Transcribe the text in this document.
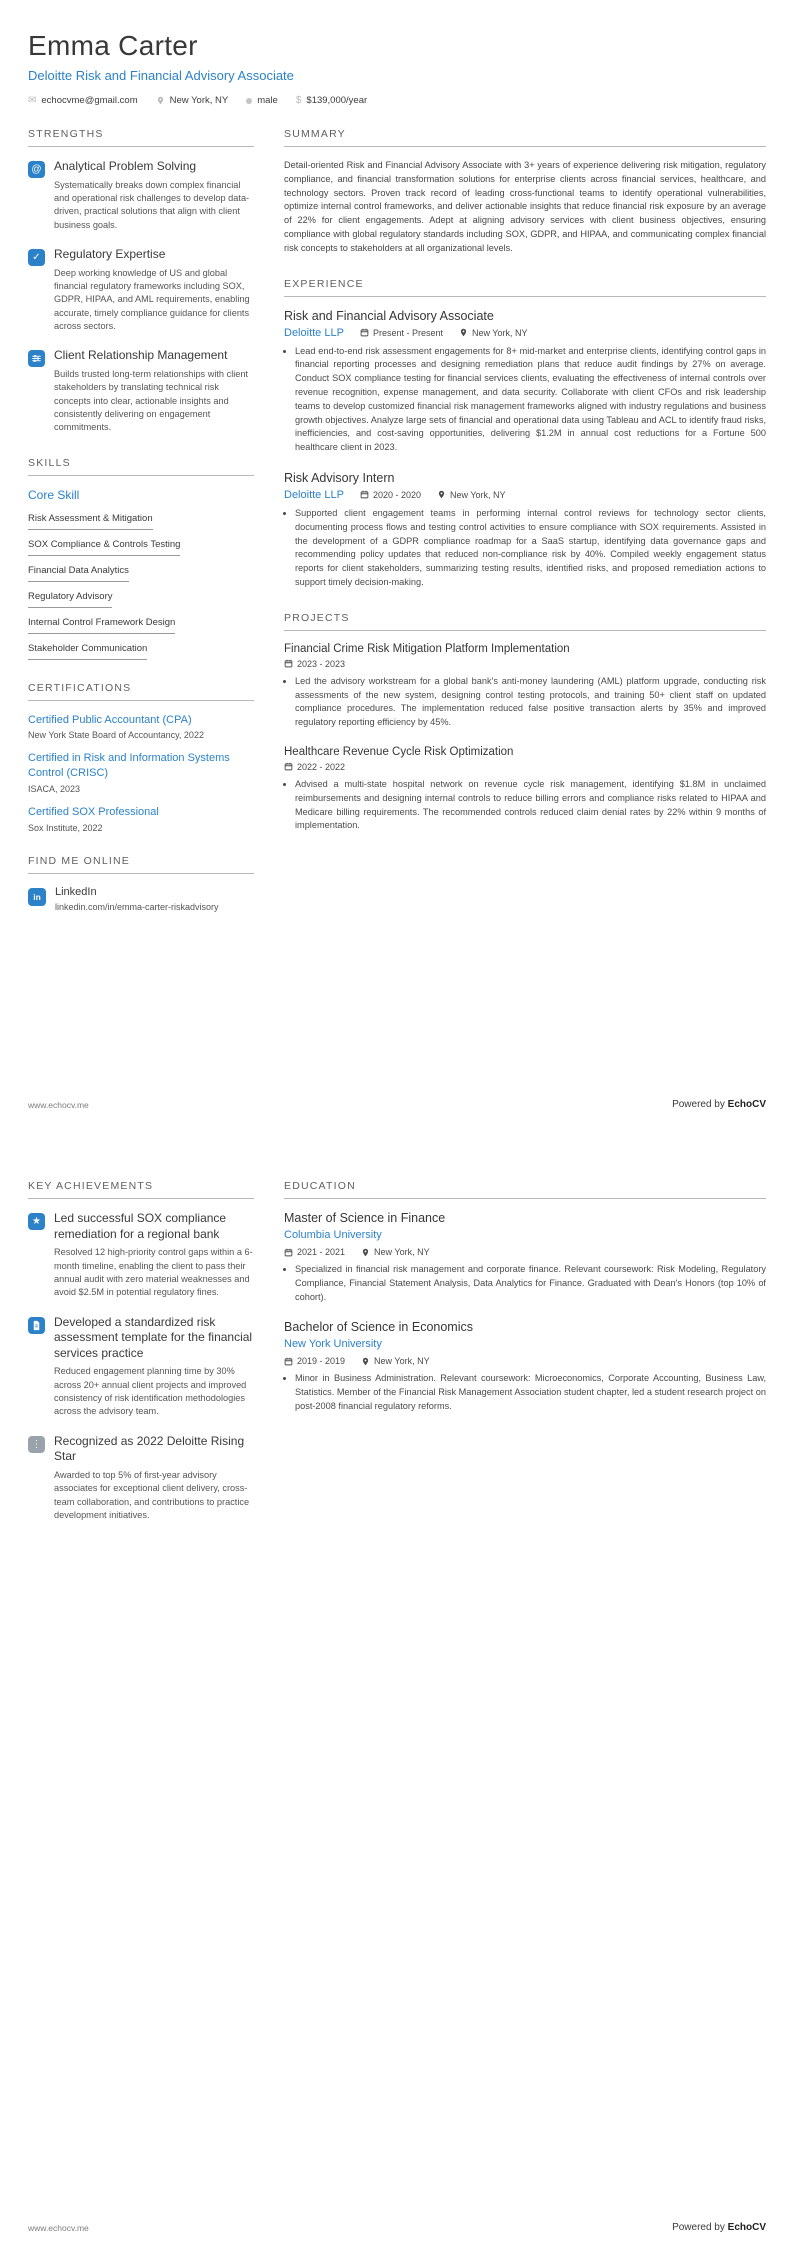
Emma Carter
Deloitte Risk and Financial Advisory Associate
✉ echocvme@gmail.com	New York, NY	male $ $139,000/year
STRENGTHS
@ Analytical Problem Solving
Systematically breaks down complex financial and operational risk challenges to develop data-driven, practical solutions that align with client business goals.
✓	Regulatory Expertise
Deep working knowledge of US and global financial regulatory frameworks including SOX, GDPR, HIPAA, and AML requirements, enabling accurate, timely compliance guidance for clients across sectors.
Client Relationship Management
Builds trusted long-term relationships with client stakeholders by translating technical risk concepts into clear, actionable insights and consistently delivering on engagement commitments.
SKILLS
Core Skill
Risk Assessment & Mitigation
SOX Compliance & Controls Testing
Financial Data Analytics
Regulatory Advisory
Internal Control Framework Design
Stakeholder Communication
CERTIFICATIONS
Certified Public Accountant (CPA)
New York State Board of Accountancy, 2022
Certified in Risk and Information Systems Control (CRISC)
ISACA, 2023
Certified SOX Professional
Sox Institute, 2022
FIND ME ONLINE
in	LinkedIn
linkedin.com/in/emma-carter-riskadvisory
SUMMARY
Detail-oriented Risk and Financial Advisory Associate with 3+ years of experience delivering risk mitigation, regulatory compliance, and financial transformation solutions for enterprise clients across financial services, healthcare, and technology sectors. Proven track record of leading cross-functional teams to identify operational vulnerabilities, optimize internal control frameworks, and deliver actionable insights that reduce financial risk exposure by an average of 22% for client engagements. Adept at aligning advisory services with client business objectives, ensuring compliance with global regulatory standards including SOX, GDPR, and HIPAA, and communicating complex financial risk concepts to stakeholders at all organizational levels.
EXPERIENCE
Risk and Financial Advisory Associate
Deloitte LLP	Present - Present	New York, NY
• Lead end-to-end risk assessment engagements for 8+ mid-market and enterprise clients, identifying control gaps in financial reporting processes and designing remediation plans that reduce audit findings by 27% on average. Conduct SOX compliance testing for financial services clients, evaluating the effectiveness of internal controls over revenue recognition, expense management, and data security. Collaborate with client CFOs and risk leadership teams to develop customized financial risk management frameworks aligned with industry regulations and business growth objectives. Analyze large sets of financial and operational data using Tableau and ACL to identify fraud risks, inefficiencies, and cost-saving opportunities, delivering $1.2M in annual cost reductions for a Fortune 500 healthcare client in 2023.
Risk Advisory Intern
Deloitte LLP	2020 - 2020	New York, NY
• Supported client engagement teams in performing internal control reviews for technology sector clients, documenting process flows and testing control activities to ensure compliance with SOX requirements. Assisted in the development of a GDPR compliance roadmap for a SaaS startup, identifying data governance gaps and recommending policy updates that reduced non-compliance risk by 40%. Compiled weekly engagement status reports for client stakeholders, summarizing testing results, identified risks, and proposed remediation actions to support timely decision-making.
PROJECTS
Financial Crime Risk Mitigation Platform Implementation
2023 - 2023
• Led the advisory workstream for a global bank's anti-money laundering (AML) platform upgrade, conducting risk assessments of the new system, designing control testing protocols, and training 50+ client staff on updated compliance procedures. The implementation reduced false positive transaction alerts by 35% and improved regulatory reporting efficiency by 45%.
Healthcare Revenue Cycle Risk Optimization
2022 - 2022
• Advised a multi-state hospital network on revenue cycle risk management, identifying $1.8M in unclaimed reimbursements and designing internal controls to reduce billing errors and compliance risks related to HIPAA and Medicare billing requirements. The recommended controls reduced claim denial rates by 22% within 9 months of implementation.
www.echocv.me	Powered by EchoCV
KEY ACHIEVEMENTS
★	Led successful SOX compliance remediation for a regional bank
Resolved 12 high-priority control gaps within a 6-month timeline, enabling the client to pass their annual audit with zero material weaknesses and avoid $2.5M in potential regulatory fines.
Developed a standardized risk assessment template for the financial services practice
Reduced engagement planning time by 30% across 20+ annual client projects and improved consistency of risk identification methodologies across the advisory team.
⋮ Recognized as 2022 Deloitte Rising Star
Awarded to top 5% of first-year advisory associates for exceptional client delivery, cross-team collaboration, and contributions to practice development initiatives.
EDUCATION
Master of Science in Finance
Columbia University
2021 - 2021	New York, NY
• Specialized in financial risk management and corporate finance. Relevant coursework: Risk Modeling, Regulatory Compliance, Financial Statement Analysis, Data Analytics for Finance. Graduated with Dean's Honors (top 10% of cohort).
Bachelor of Science in Economics
New York University
2019 - 2019	New York, NY
• Minor in Business Administration. Relevant coursework: Microeconomics, Corporate Accounting, Business Law, Statistics. Member of the Financial Risk Management Association student chapter, led a student research project on post-2008 financial regulatory reforms.
www.echocv.me	Powered by EchoCV
